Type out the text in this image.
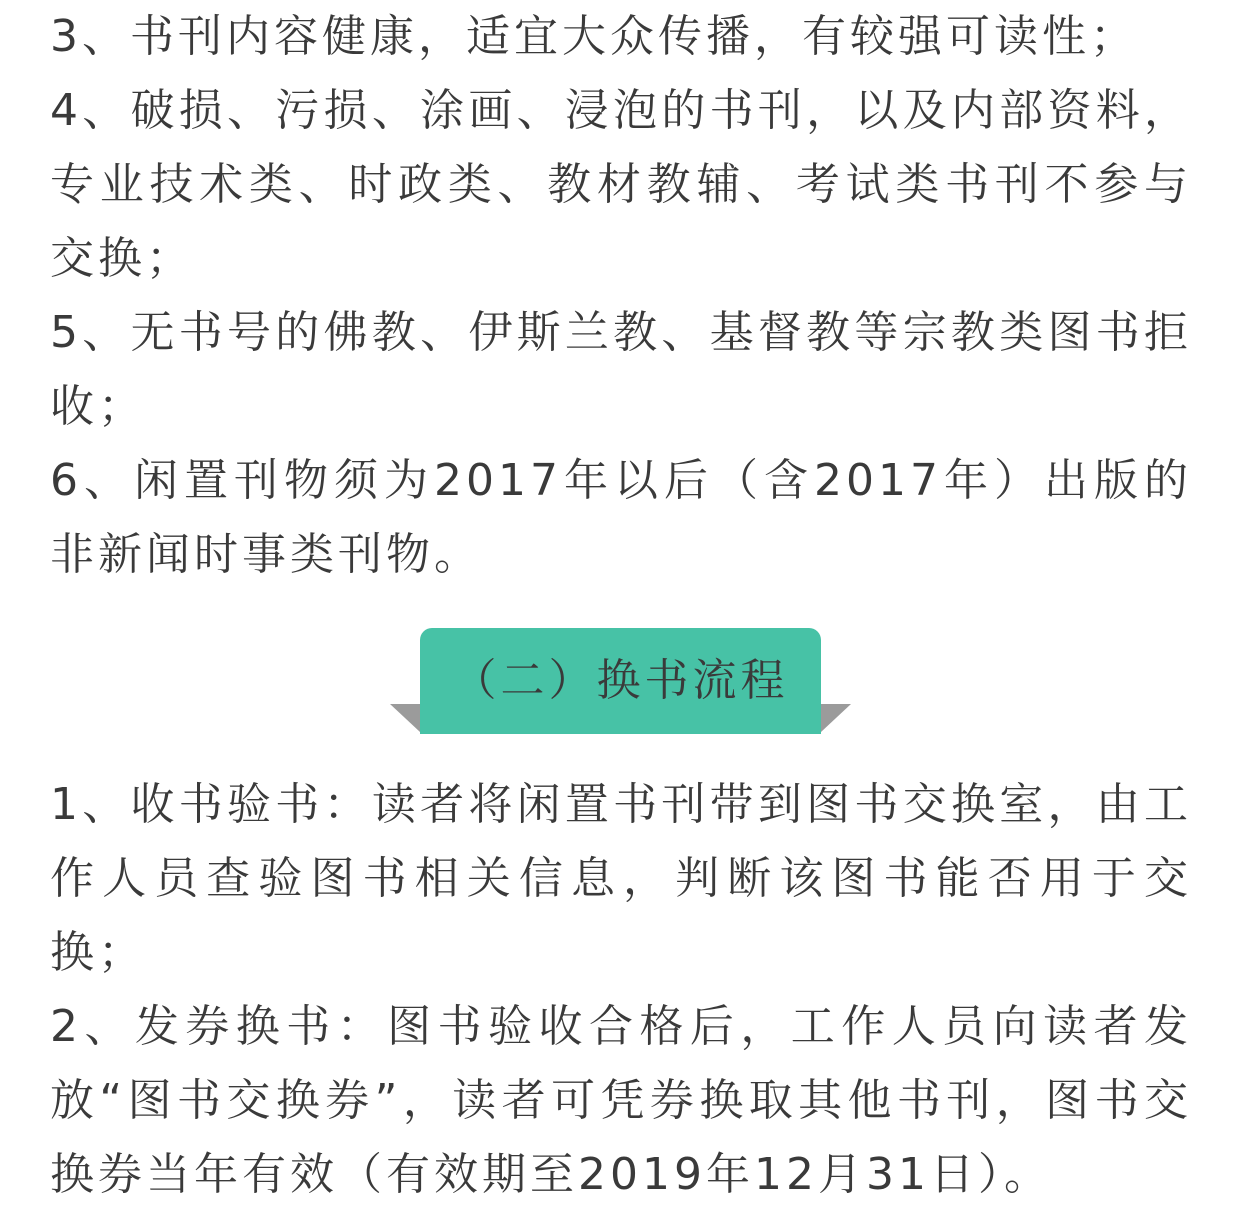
3、书刊内容健康，适宜大众传播，有较强可读性；

4、破损、污损、涂画、浸泡的书刊，以及内部资料，专业技术类、时政类、教材教辅、考试类书刊不参与交换；

5、无书号的佛教、伊斯兰教、基督教等宗教类图书拒收；

6、闲置刊物须为2017年以后（含2017年）出版的非新闻时事类刊物。

（二）换书流程

1、收书验书：读者将闲置书刊带到图书交换室，由工作人员查验图书相关信息，判断该图书能否用于交换；

2、发券换书：图书验收合格后，工作人员向读者发放“图书交换券”，读者可凭券换取其他书刊，图书交换券当年有效（有效期至2019年12月31日）。
